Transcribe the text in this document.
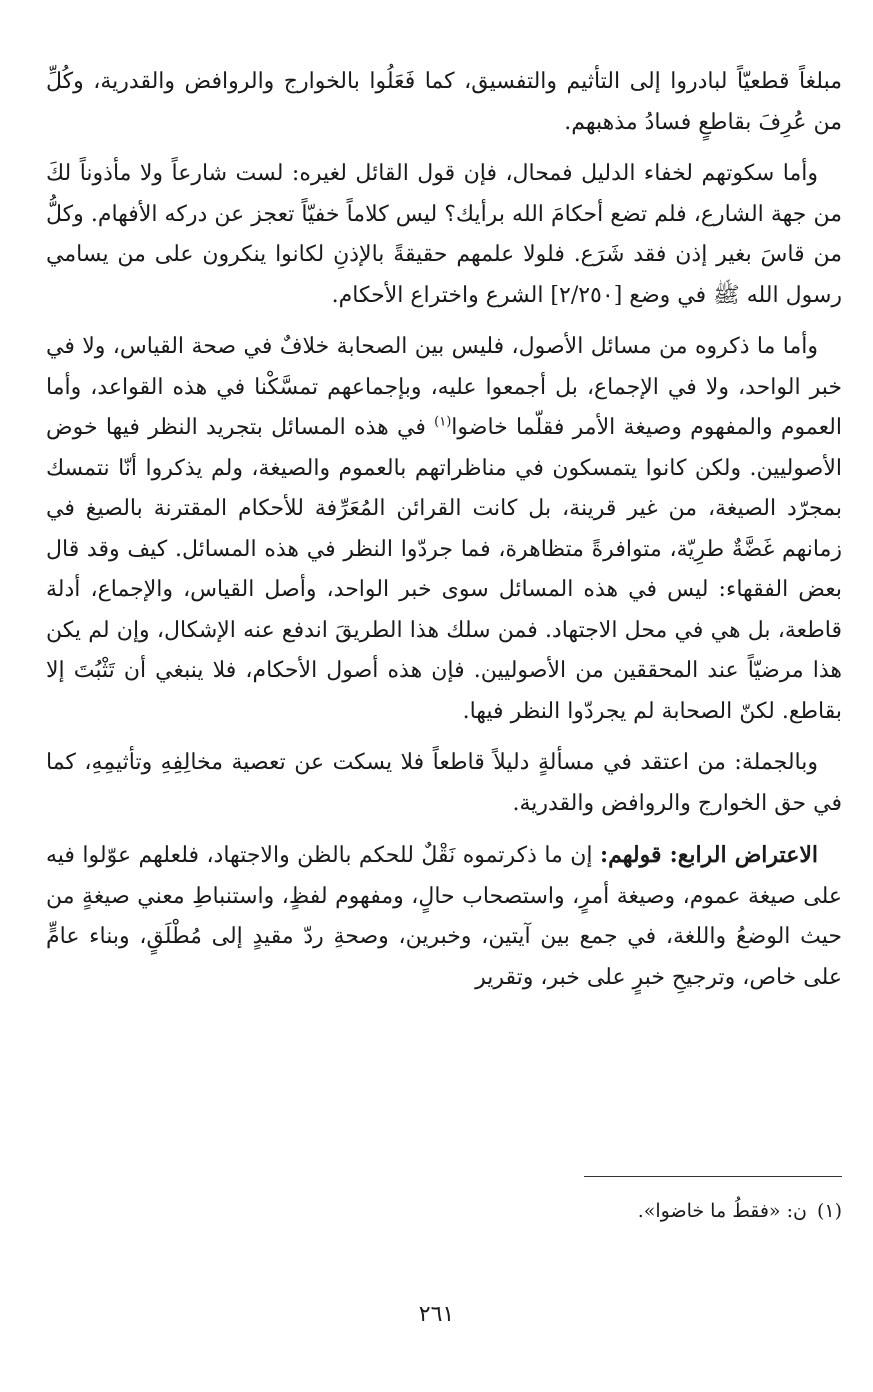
مبلغاً قطعيّاً لبادروا إلى التأثيم والتفسيق، كما فَعَلُوا بالخوارج والروافض والقدرية، وكُلِّ من عُرِفَ بقاطعٍ فسادُ مذهبهم.

وأما سكوتهم لخفاء الدليل فمحال، فإن قول القائل لغيره: لست شارعاً ولا مأذوناً لكَ من جهة الشارع، فلم تضع أحكامَ الله برأيك؟ ليس كلاماً خفيّاً تعجز عن دركه الأفهام. وكلُّ من قاسَ بغير إذن فقد شَرَع. فلولا علمهم حقيقةً بالإذنِ لكانوا ينكرون على من يسامي رسول الله ﷺ في وضع [٢/٢٥٠] الشرع واختراع الأحكام.

وأما ما ذكروه من مسائل الأصول، فليس بين الصحابة خلافٌ في صحة القياس، ولا في خبر الواحد، ولا في الإجماع، بل أجمعوا عليه، وبإجماعهم تمسَّكْنا في هذه القواعد، وأما العموم والمفهوم وصيغة الأمر فقلّما خاضوا$^{(١)}$ في هذه المسائل بتجريد النظر فيها خوض الأصوليين. ولكن كانوا يتمسكون في مناظراتهم بالعموم والصيغة، ولم يذكروا أنّا نتمسك بمجرّد الصيغة، من غير قرينة، بل كانت القرائن المُعَرِّفة للأحكام المقترنة بالصيغ في زمانهم غَضَّةٌ طرِيّة، متوافرةً متظاهرة، فما جردّوا النظر في هذه المسائل. كيف وقد قال بعض الفقهاء: ليس في هذه المسائل سوى خبر الواحد، وأصل القياس، والإجماع، أدلة قاطعة، بل هي في محل الاجتهاد. فمن سلك هذا الطريقَ اندفع عنه الإشكال، وإن لم يكن هذا مرضيّاً عند المحققين من الأصوليين. فإن هذه أصول الأحكام، فلا ينبغي أن تَثْبُتَ إلا بقاطع. لكنّ الصحابة لم يجردّوا النظر فيها.

وبالجملة: من اعتقد في مسألةٍ دليلاً قاطعاً فلا يسكت عن تعصية مخالِفِهِ وتأثيمِهِ، كما في حق الخوارج والروافض والقدرية.

الاعتراض الرابع: قولهم: إن ما ذكرتموه نَقْلٌ للحكم بالظن والاجتهاد، فلعلهم عوّلوا فيه على صيغة عموم، وصيغة أمرٍ، واستصحاب حالٍ، ومفهوم لفظٍ، واستنباطِ معني صيغةٍ من حيث الوضعُ واللغة، في جمع بين آيتين، وخبرين، وصحةِ ردّ مقيدٍ إلى مُطْلَقٍ، وبناء عامٍّ على خاص، وترجيحِ خبرٍ على خبر، وتقرير

(١)ن: «فقطُ ما خاضوا».
٢٦١
